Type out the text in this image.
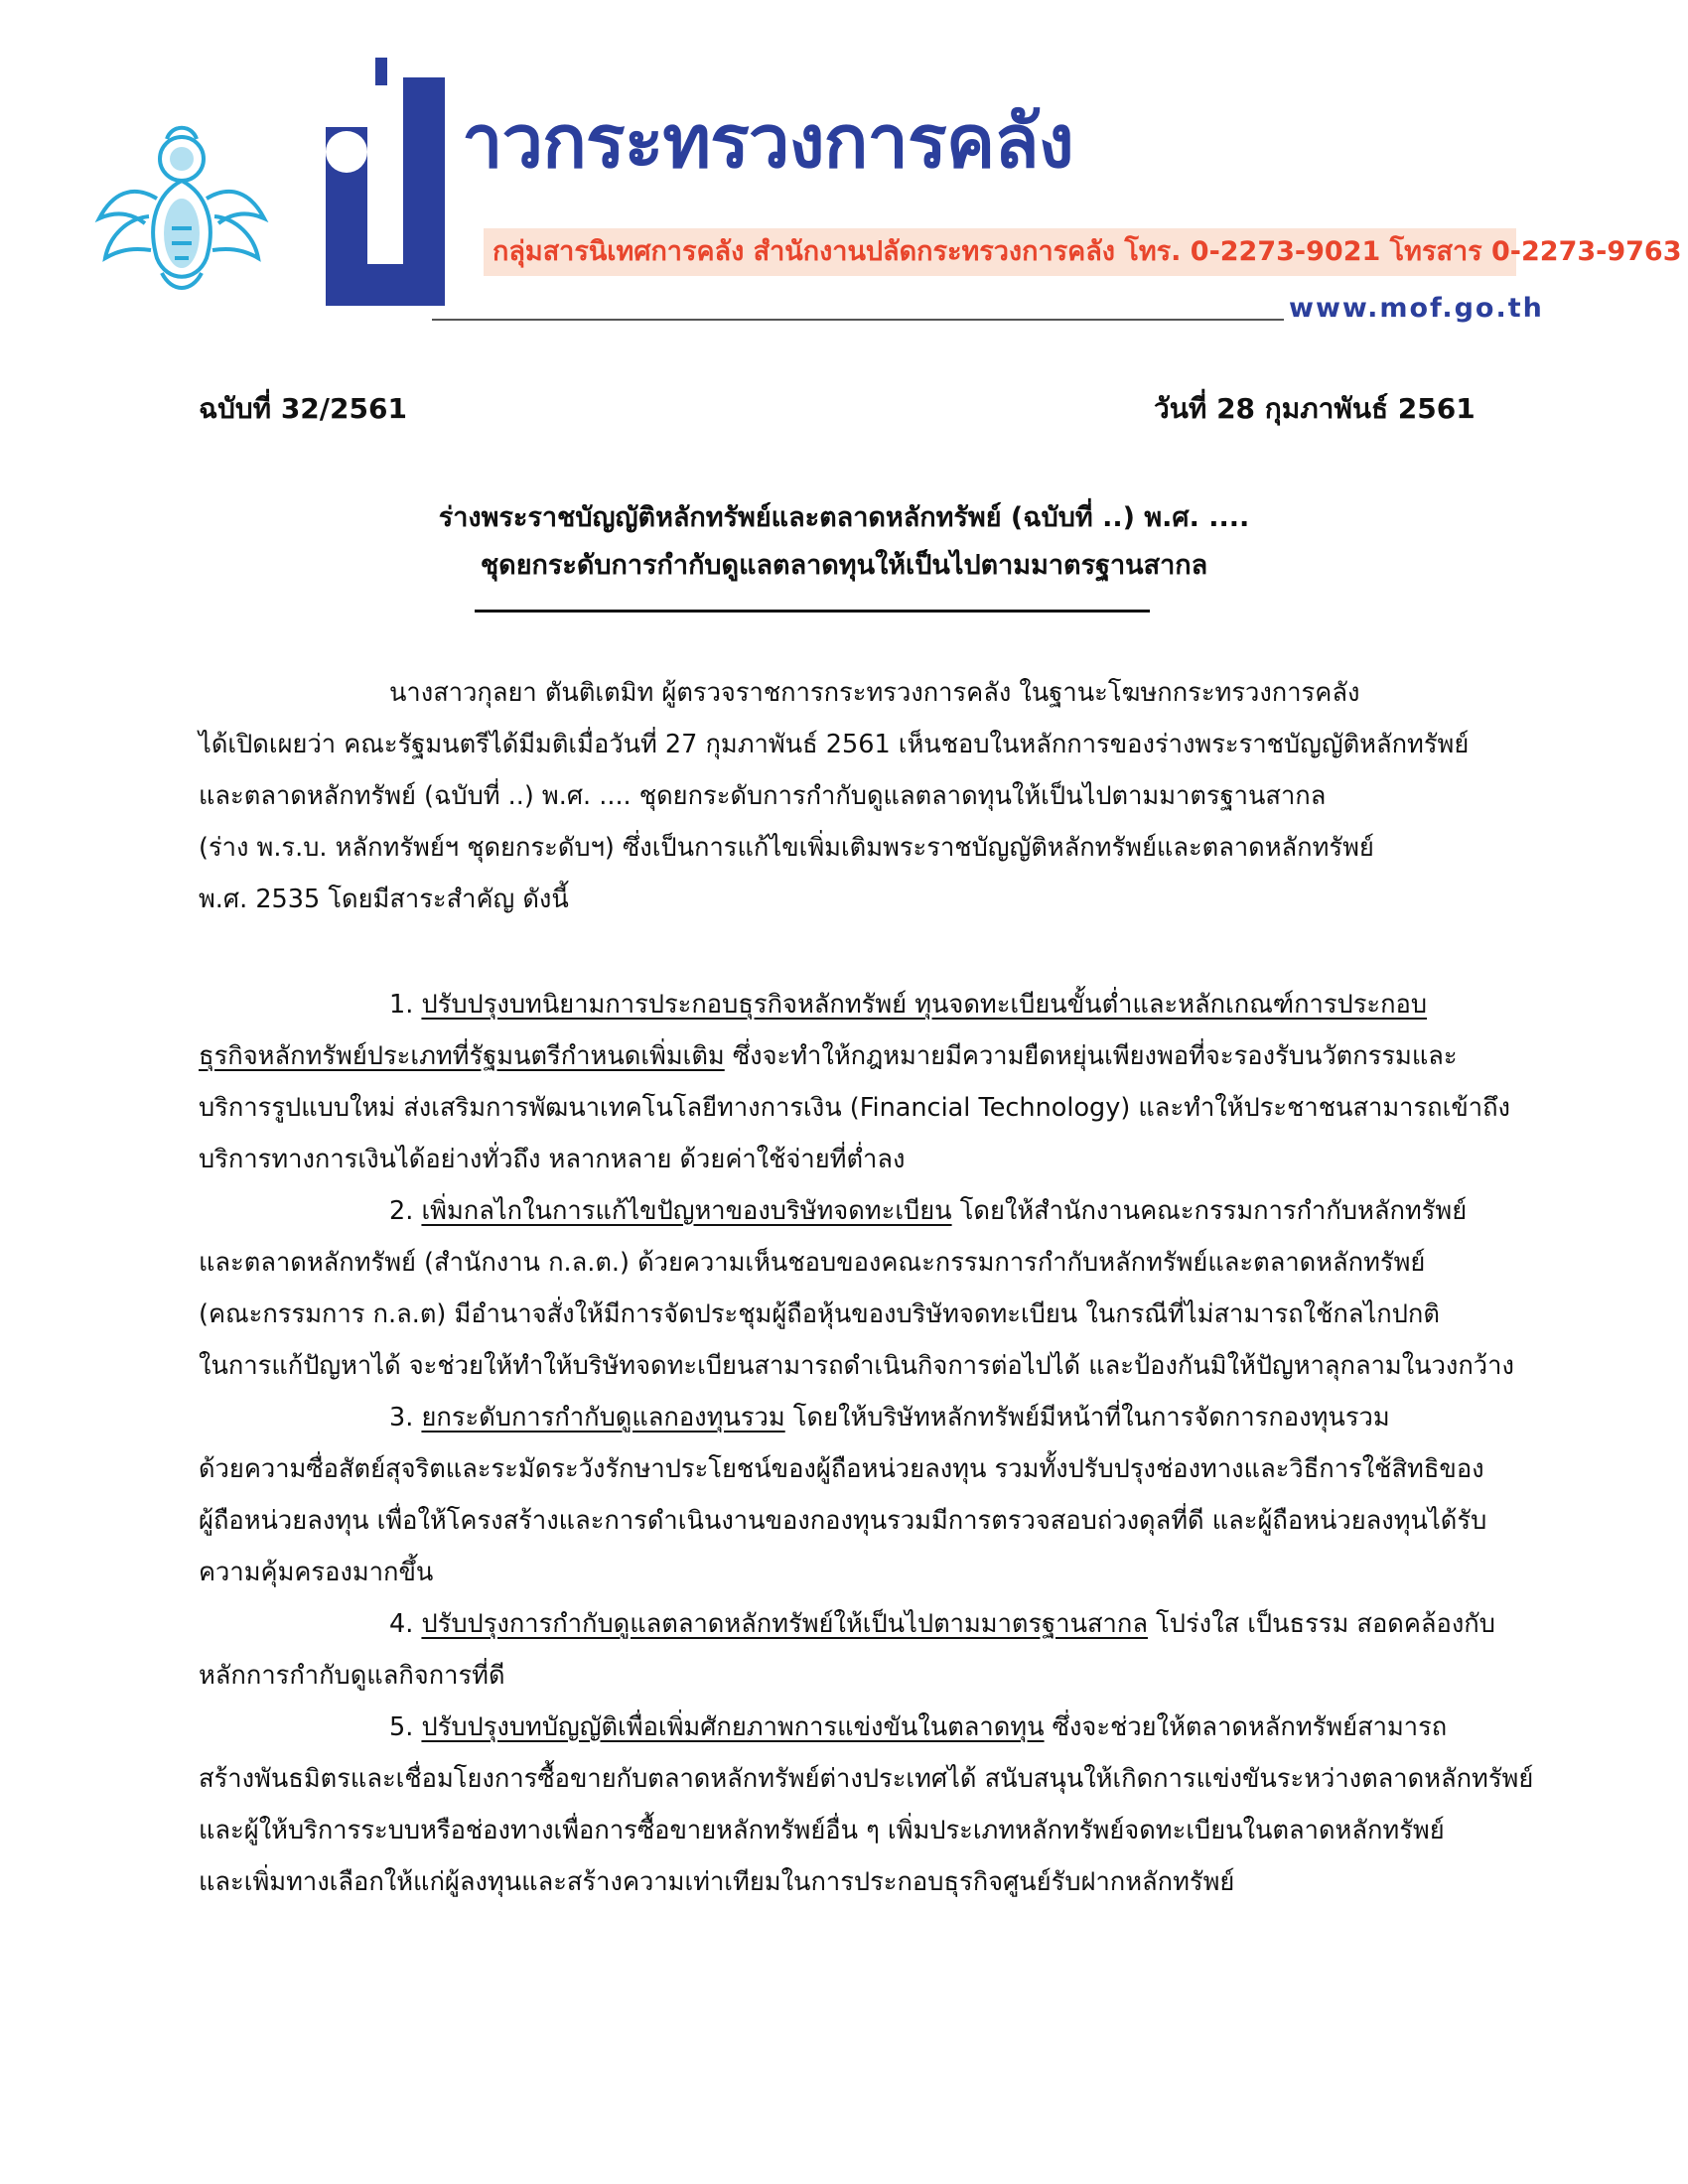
าวกระทรวงการคลัง
กลุ่มสารนิเทศการคลัง สำนักงานปลัดกระทรวงการคลัง โทร. 0-2273-9021 โทรสาร 0-2273-9763
www.mof.go.th
ฉบับที่ 32/2561	วันที่ 28 กุมภาพันธ์ 2561
ร่างพระราชบัญญัติหลักทรัพย์และตลาดหลักทรัพย์ (ฉบับที่ ..) พ.ศ. ....
ชุดยกระดับการกำกับดูแลตลาดทุนให้เป็นไปตามมาตรฐานสากล
นางสาวกุลยา ตันติเตมิท ผู้ตรวจราชการกระทรวงการคลัง ในฐานะโฆษกกระทรวงการคลัง
ได้เปิดเผยว่า คณะรัฐมนตรีได้มีมติเมื่อวันที่ 27 กุมภาพันธ์ 2561 เห็นชอบในหลักการของร่างพระราชบัญญัติหลักทรัพย์
และตลาดหลักทรัพย์ (ฉบับที่ ..) พ.ศ. .... ชุดยกระดับการกำกับดูแลตลาดทุนให้เป็นไปตามมาตรฐานสากล
(ร่าง พ.ร.บ. หลักทรัพย์ฯ ชุดยกระดับฯ) ซึ่งเป็นการแก้ไขเพิ่มเติมพระราชบัญญัติหลักทรัพย์และตลาดหลักทรัพย์
พ.ศ. 2535 โดยมีสาระสำคัญ ดังนี้
1. ปรับปรุงบทนิยามการประกอบธุรกิจหลักทรัพย์ ทุนจดทะเบียนขั้นต่ำและหลักเกณฑ์การประกอบ
ธุรกิจหลักทรัพย์ประเภทที่รัฐมนตรีกำหนดเพิ่มเติม ซึ่งจะทำให้กฎหมายมีความยืดหยุ่นเพียงพอที่จะรองรับนวัตกรรมและ
บริการรูปแบบใหม่ ส่งเสริมการพัฒนาเทคโนโลยีทางการเงิน (Financial Technology) และทำให้ประชาชนสามารถเข้าถึง
บริการทางการเงินได้อย่างทั่วถึง หลากหลาย ด้วยค่าใช้จ่ายที่ต่ำลง
2. เพิ่มกลไกในการแก้ไขปัญหาของบริษัทจดทะเบียน โดยให้สำนักงานคณะกรรมการกำกับหลักทรัพย์
และตลาดหลักทรัพย์ (สำนักงาน ก.ล.ต.) ด้วยความเห็นชอบของคณะกรรมการกำกับหลักทรัพย์และตลาดหลักทรัพย์
(คณะกรรมการ ก.ล.ต) มีอำนาจสั่งให้มีการจัดประชุมผู้ถือหุ้นของบริษัทจดทะเบียน ในกรณีที่ไม่สามารถใช้กลไกปกติ
ในการแก้ปัญหาได้ จะช่วยให้ทำให้บริษัทจดทะเบียนสามารถดำเนินกิจการต่อไปได้ และป้องกันมิให้ปัญหาลุกลามในวงกว้าง
3. ยกระดับการกำกับดูแลกองทุนรวม โดยให้บริษัทหลักทรัพย์มีหน้าที่ในการจัดการกองทุนรวม
ด้วยความซื่อสัตย์สุจริตและระมัดระวังรักษาประโยชน์ของผู้ถือหน่วยลงทุน รวมทั้งปรับปรุงช่องทางและวิธีการใช้สิทธิของ
ผู้ถือหน่วยลงทุน เพื่อให้โครงสร้างและการดำเนินงานของกองทุนรวมมีการตรวจสอบถ่วงดุลที่ดี และผู้ถือหน่วยลงทุนได้รับ
ความคุ้มครองมากขึ้น
4. ปรับปรุงการกำกับดูแลตลาดหลักทรัพย์ให้เป็นไปตามมาตรฐานสากล โปร่งใส เป็นธรรม สอดคล้องกับ
หลักการกำกับดูแลกิจการที่ดี
5. ปรับปรุงบทบัญญัติเพื่อเพิ่มศักยภาพการแข่งขันในตลาดทุน ซึ่งจะช่วยให้ตลาดหลักทรัพย์สามารถ
สร้างพันธมิตรและเชื่อมโยงการซื้อขายกับตลาดหลักทรัพย์ต่างประเทศได้ สนับสนุนให้เกิดการแข่งขันระหว่างตลาดหลักทรัพย์
และผู้ให้บริการระบบหรือช่องทางเพื่อการซื้อขายหลักทรัพย์อื่น ๆ เพิ่มประเภทหลักทรัพย์จดทะเบียนในตลาดหลักทรัพย์
และเพิ่มทางเลือกให้แก่ผู้ลงทุนและสร้างความเท่าเทียมในการประกอบธุรกิจศูนย์รับฝากหลักทรัพย์
